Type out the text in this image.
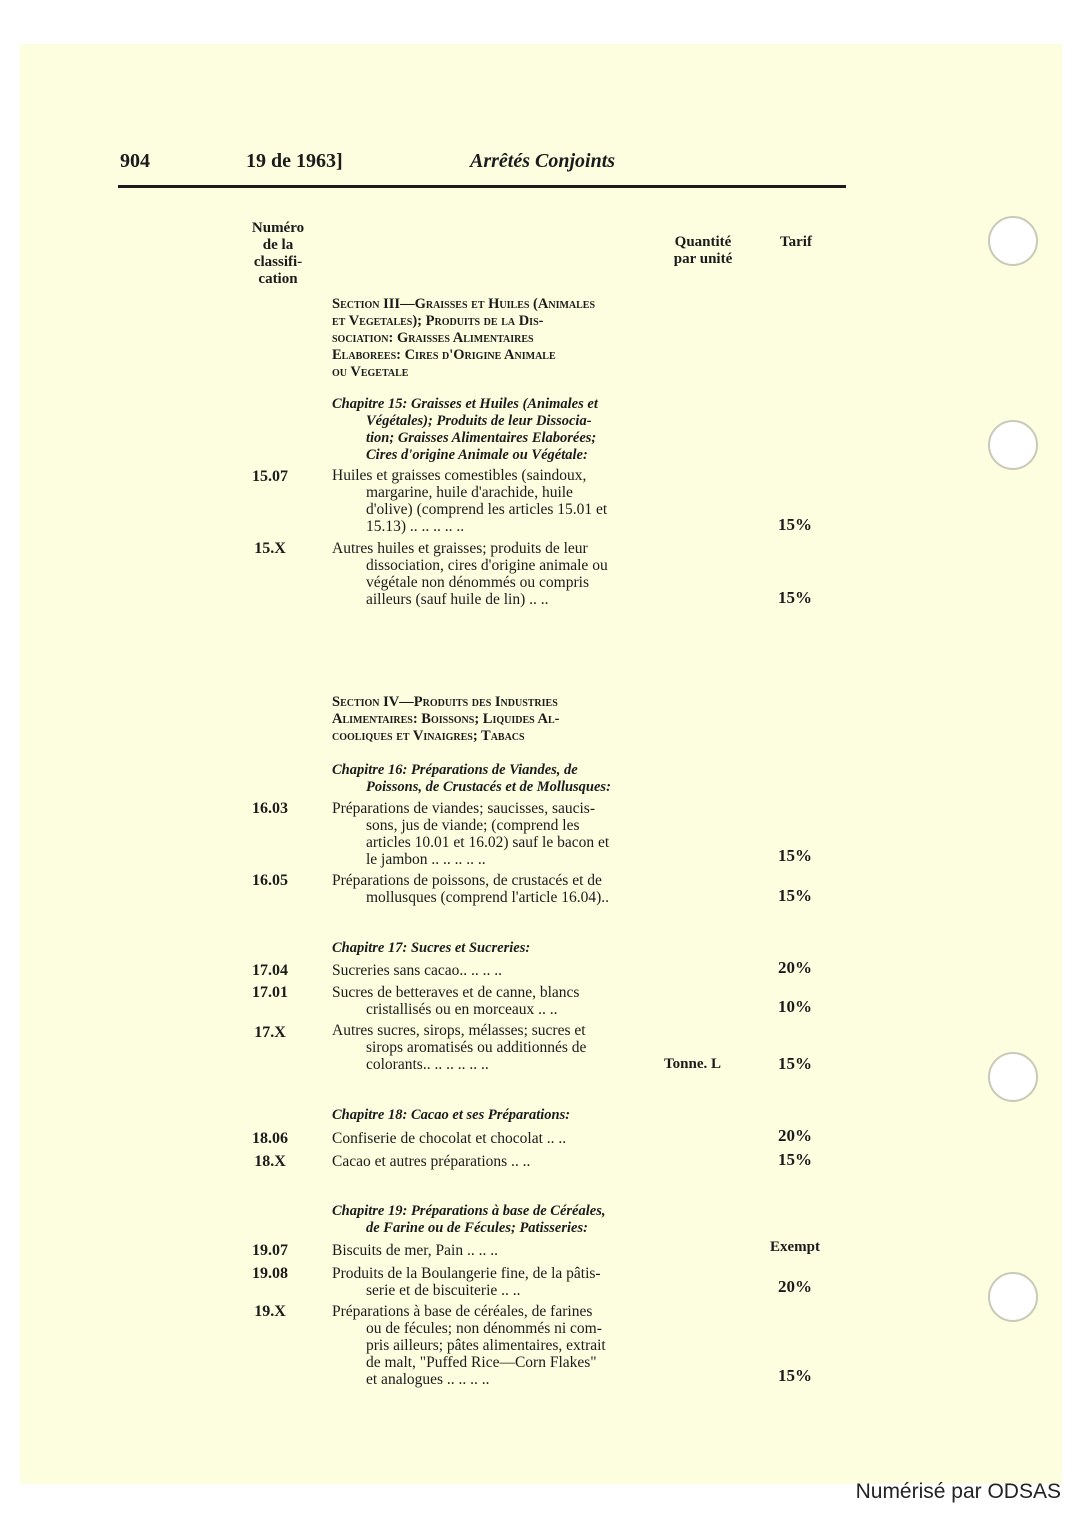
904	19 de 1963]	Arrêtés Conjoints
Numéro
de la
classifi-
cation
Quantité
par unité
Tarif
Section III—Graisses et Huiles (Animales
et Vegetales); Produits de la Dis-
sociation: Graisses Alimentaires
Elaborees: Cires d'Origine Animale
ou Vegetale
Chapitre 15: Graisses et Huiles (Animales et
Végétales); Produits de leur Dissocia-
tion; Graisses Alimentaires Elaborées;
Cires d'origine Animale ou Végétale:
15.07	Huiles et graisses comestibles (saindoux,
margarine, huile d'arachide, huile
d'olive) (comprend les articles 15.01 et
15.13) .. .. .. .. ..	15%
15.X	Autres huiles et graisses; produits de leur
dissociation, cires d'origine animale ou
végétale non dénommés ou compris
ailleurs (sauf huile de lin) .. ..	15%
Section IV—Produits des Industries
Alimentaires: Boissons; Liquides Al-
cooliques et Vinaigres; Tabacs
Chapitre 16: Préparations de Viandes, de
Poissons, de Crustacés et de Mollusques:
16.03	Préparations de viandes; saucisses, saucis-
sons, jus de viande; (comprend les
articles 10.01 et 16.02) sauf le bacon et
le jambon .. .. .. .. ..	15%
16.05	Préparations de poissons, de crustacés et de
mollusques (comprend l'article 16.04)..	15%
Chapitre 17: Sucres et Sucreries:
17.04	Sucreries sans cacao.. .. .. ..	20%
17.01	Sucres de betteraves et de canne, blancs
cristallisés ou en morceaux .. ..	10%
17.X	Autres sucres, sirops, mélasses; sucres et
sirops aromatisés ou additionnés de
colorants.. .. .. .. .. ..	Tonne. L	15%
Chapitre 18: Cacao et ses Préparations:
18.06	Confiserie de chocolat et chocolat .. ..	20%
18.X	Cacao et autres préparations .. ..	15%
Chapitre 19: Préparations à base de Céréales,
de Farine ou de Fécules; Patisseries:
19.07	Biscuits de mer, Pain .. .. ..	Exempt
19.08	Produits de la Boulangerie fine, de la pâtis-
serie et de biscuiterie .. ..	20%
19.X	Préparations à base de céréales, de farines
ou de fécules; non dénommés ni com-
pris ailleurs; pâtes alimentaires, extrait
de malt, "Puffed Rice—Corn Flakes"
et analogues .. .. .. ..	15%
Numérisé par ODSAS
